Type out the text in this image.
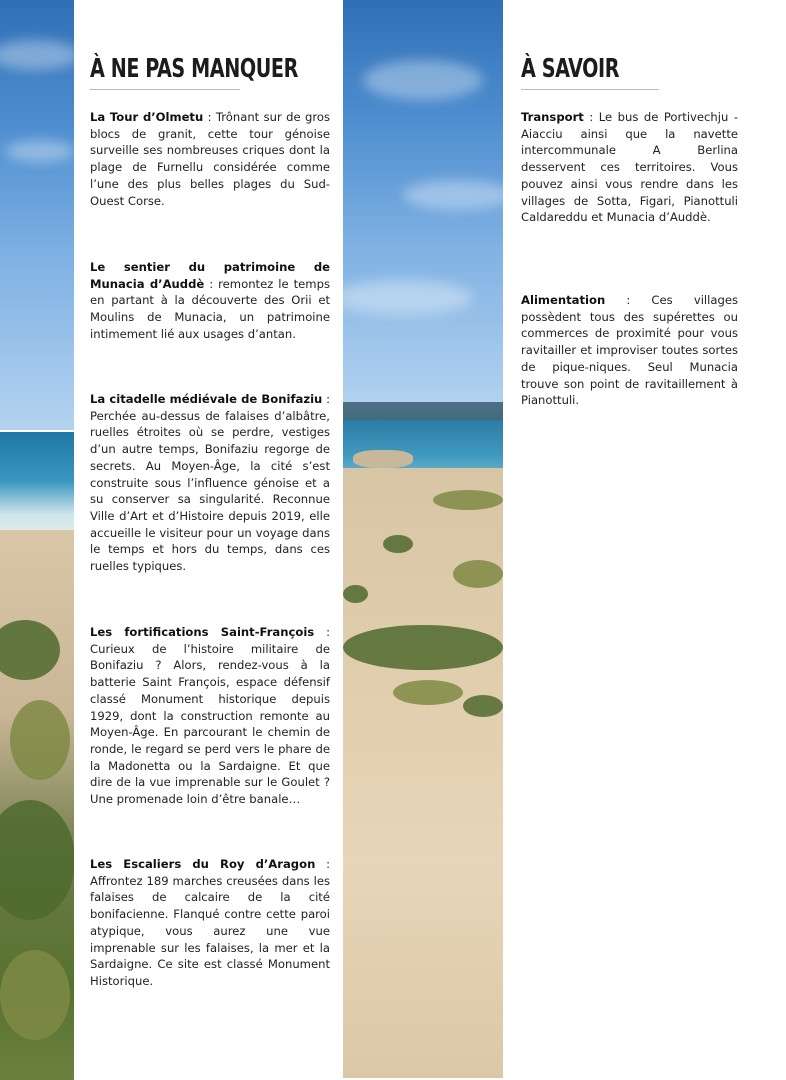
À NE PAS MANQUER

La Tour d’Olmetu : Trônant sur de gros blocs de granit, cette tour génoise surveille ses nombreuses criques dont la plage de Furnellu considérée comme l’une des plus belles plages du Sud-Ouest Corse.

Le sentier du patrimoine de Munacia d’Auddè : remontez le temps en partant à la découverte des Orii et Moulins de Munacia, un patrimoine intimement lié aux usages d’antan.

La citadelle médiévale de Bonifaziu : Perchée au-dessus de falaises d’albâtre, ruelles étroites où se perdre, vestiges d’un autre temps, Bonifaziu regorge de secrets. Au Moyen-Âge, la cité s’est construite sous l’influence génoise et a su conserver sa singularité. Reconnue Ville d’Art et d’Histoire depuis 2019, elle accueille le visiteur pour un voyage dans le temps et hors du temps, dans ces ruelles typiques.

Les fortifications Saint-François : Curieux de l’histoire militaire de Bonifaziu ? Alors, rendez-vous à la batterie Saint François, espace défensif classé Monument historique depuis 1929, dont la construction remonte au Moyen-Âge. En parcourant le chemin de ronde, le regard se perd vers le phare de la Madonetta ou la Sardaigne. Et que dire de la vue imprenable sur le Goulet ? Une promenade loin d’être banale…

Les Escaliers du Roy d’Aragon : Affrontez 189 marches creusées dans les falaises de calcaire de la cité bonifacienne. Flanqué contre cette paroi atypique, vous aurez une vue imprenable sur les falaises, la mer et la Sardaigne. Ce site est classé Monument Historique.

À SAVOIR

Transport : Le bus de Portivechju - Aiacciu ainsi que la navette intercommunale A Berlina desservent ces territoires. Vous pouvez ainsi vous rendre dans les villages de Sotta, Figari, Pianottuli Caldareddu et Munacia d’Auddè.

Alimentation : Ces villages possèdent tous des supérettes ou commerces de proximité pour vous ravitailler et improviser toutes sortes de pique-niques. Seul Munacia trouve son point de ravitaillement à Pianottuli.
